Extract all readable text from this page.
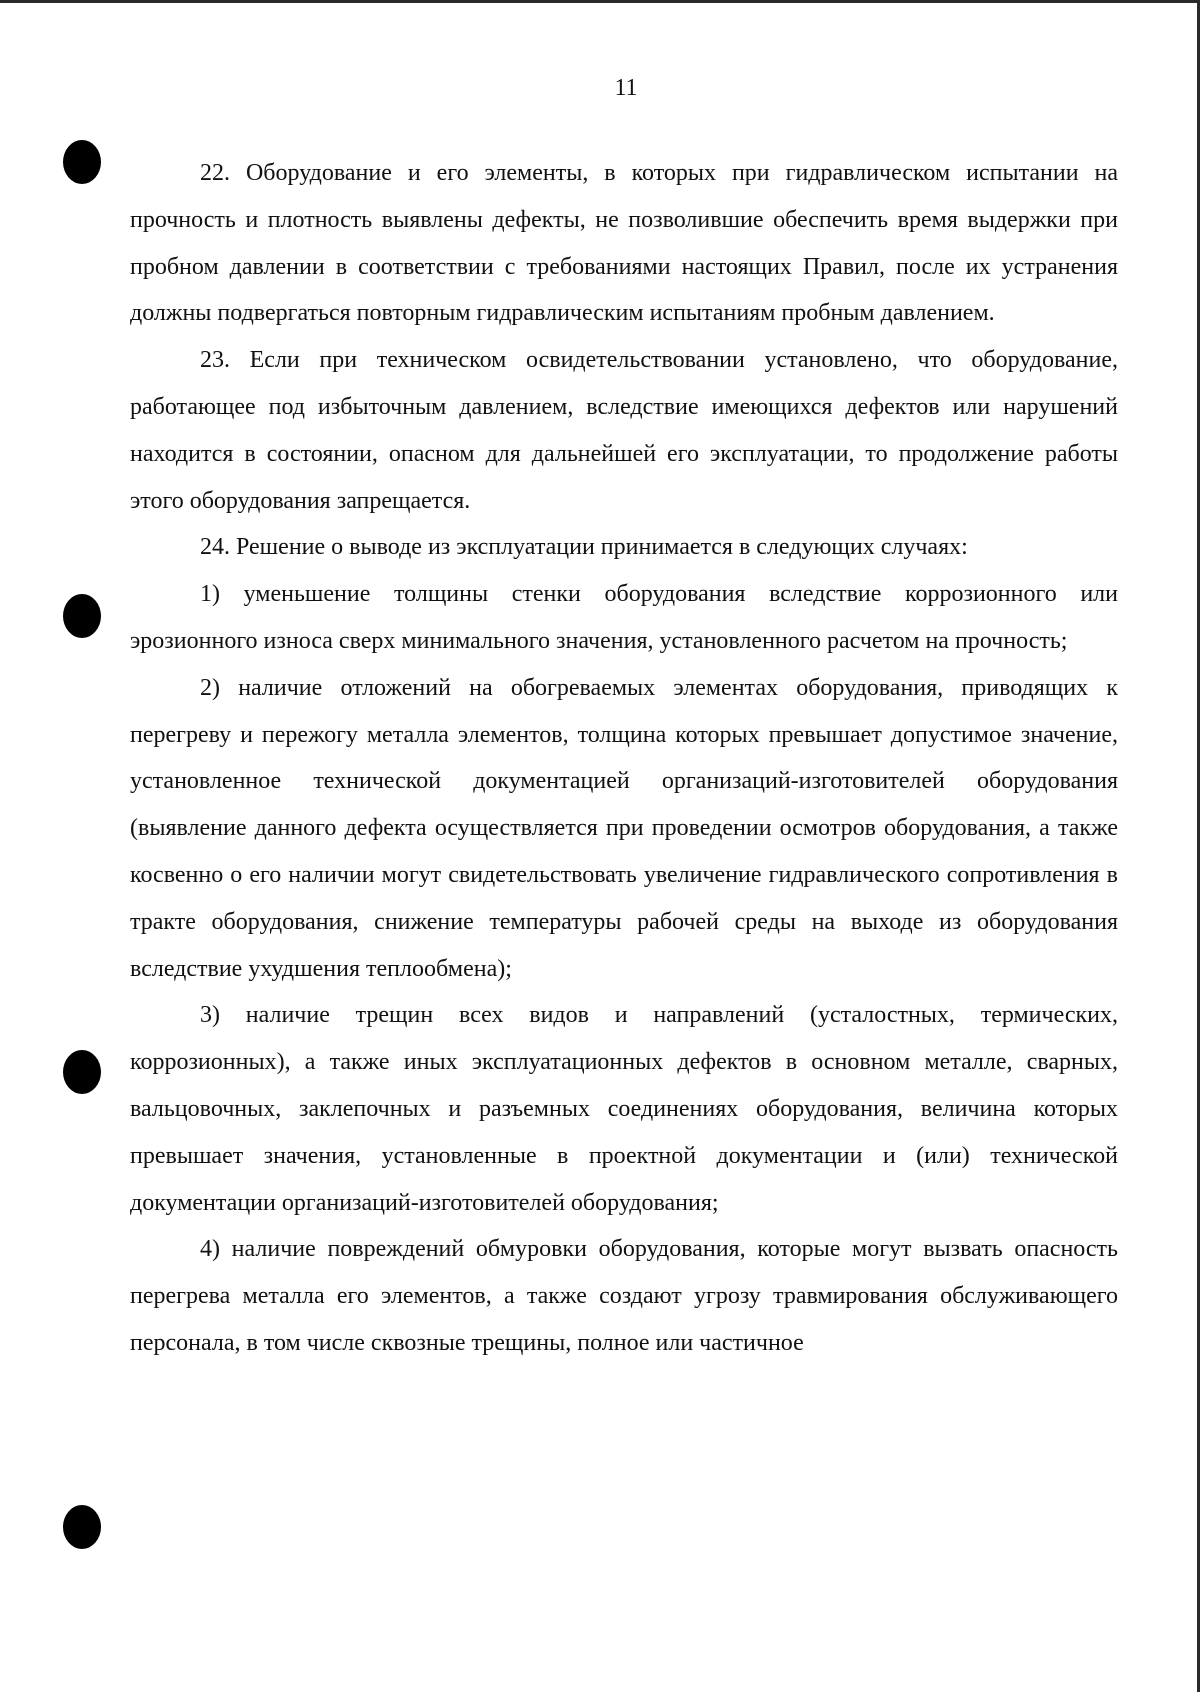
11

22. Оборудование и его элементы, в которых при гидравлическом испытании на прочность и плотность выявлены дефекты, не позволившие обеспечить время выдержки при пробном давлении в соответствии с требованиями настоящих Правил, после их устранения должны подвергаться повторным гидравлическим испытаниям пробным давлением.

23. Если при техническом освидетельствовании установлено, что оборудование, работающее под избыточным давлением, вследствие имеющихся дефектов или нарушений находится в состоянии, опасном для дальнейшей его эксплуатации, то продолжение работы этого оборудования запрещается.

24. Решение о выводе из эксплуатации принимается в следующих случаях:

1) уменьшение толщины стенки оборудования вследствие коррозионного или эрозионного износа сверх минимального значения, установленного расчетом на прочность;

2) наличие отложений на обогреваемых элементах оборудования, приводящих к перегреву и пережогу металла элементов, толщина которых превышает допустимое значение, установленное технической документацией организаций-изготовителей оборудования (выявление данного дефекта осуществляется при проведении осмотров оборудования, а также косвенно о его наличии могут свидетельствовать увеличение гидравлического сопротивления в тракте оборудования, снижение температуры рабочей среды на выходе из оборудования вследствие ухудшения теплообмена);

3) наличие трещин всех видов и направлений (усталостных, термических, коррозионных), а также иных эксплуатационных дефектов в основном металле, сварных, вальцовочных, заклепочных и разъемных соединениях оборудования, величина которых превышает значения, установленные в проектной документации и (или) технической документации организаций-изготовителей оборудования;

4) наличие повреждений обмуровки оборудования, которые могут вызвать опасность перегрева металла его элементов, а также создают угрозу травмирования обслуживающего персонала, в том числе сквозные трещины, полное или частичное
